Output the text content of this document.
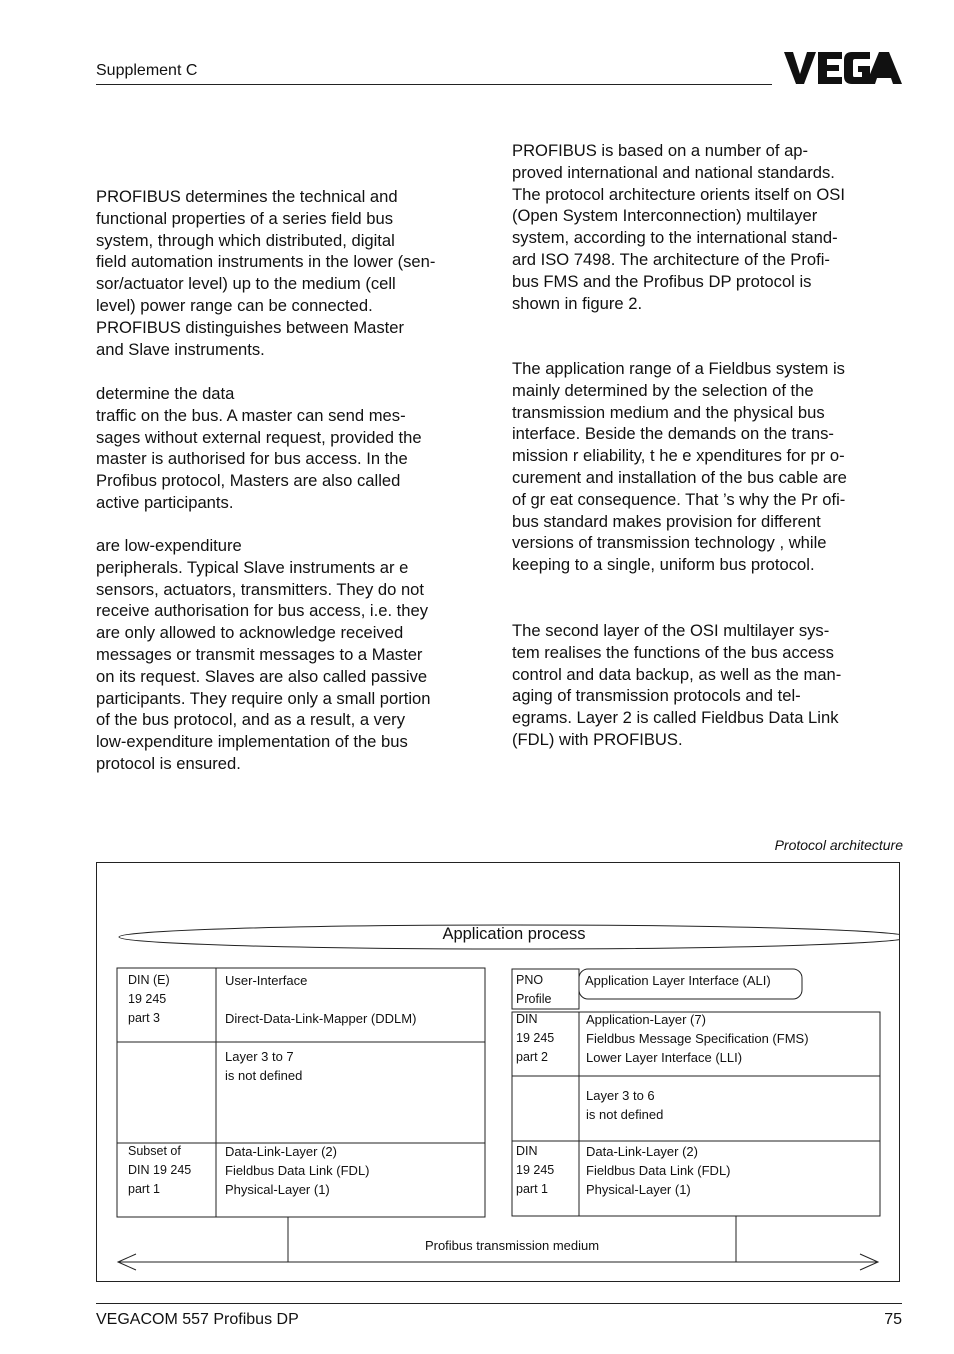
Supplement C
PROFIBUS determines the technical and
functional properties of a series field bus
system, through which distributed, digital
field automation instruments in the lower (sen-
sor/actuator level) up to the medium (cell
level) power range can be connected.
PROFIBUS distinguishes between Master
and Slave instruments.
determine the data
traffic on the bus. A master can send mes-
sages without external request, provided the
master is authorised for bus access. In the
Profibus protocol, Masters are also called
active participants.
are low-expenditure
peripherals. Typical Slave instruments ar e
sensors, actuators, transmitters. They do not
receive authorisation for bus access, i.e. they
are only allowed to acknowledge received
messages or transmit messages to a Master
on its request. Slaves are also called passive
participants. They require only a small portion
of the bus protocol, and as a result, a very
low-expenditure implementation of the bus
protocol is ensured.
PROFIBUS is based on a number of ap-
proved international and national standards.
The protocol architecture orients itself on OSI
(Open System Interconnection) multilayer
system, according to the international stand-
ard ISO 7498. The architecture of the Profi-
bus FMS and the Profibus DP protocol is
shown in figure 2.
The application range of a Fieldbus system is
mainly determined by the selection of the
transmission medium and the physical bus
interface. Beside the demands on the trans-
mission r eliability, t he e xpenditures for pr o-
curement and installation of the bus cable are
of gr eat consequence. That ’s why the Pr ofi-
bus standard makes provision for different
versions of transmission technology , while
keeping to a single, uniform bus protocol.
The second layer of the OSI multilayer sys-
tem realises the functions of the bus access
control and data backup, as well as the man-
aging of transmission protocols and tel-
egrams. Layer 2 is called Fieldbus Data Link
(FDL) with PROFIBUS.
Protocol architecture
Application process
DIN (E)
19 245
part 3
User-Interface

Direct-Data-Link-Mapper (DDLM)
Layer 3 to 7
is not defined
Subset of
DIN 19 245
part 1
Data-Link-Layer (2)
Fieldbus Data Link (FDL)
Physical-Layer (1)
PNO
Profile
Application Layer Interface (ALI)
DIN
19 245
part 2
Application-Layer (7)
Fieldbus Message Specification (FMS)
Lower Layer Interface (LLI)
Layer 3 to 6
is not defined
DIN
19 245
part 1
Data-Link-Layer (2)
Fieldbus Data Link (FDL)
Physical-Layer (1)
Profibus transmission medium
VEGACOM 557 Profibus DP	75
